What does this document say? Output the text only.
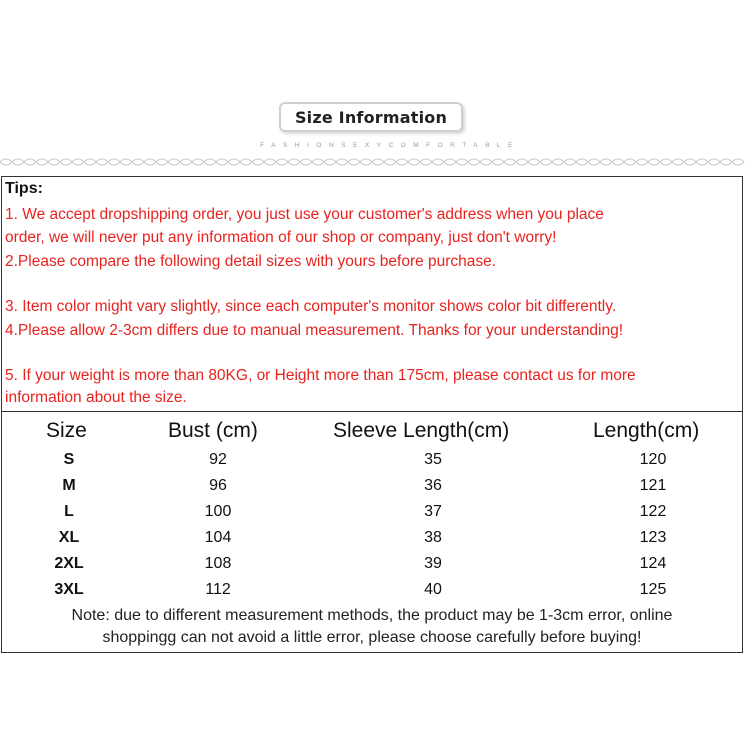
Size Information
FASHIONSEXYCOMFORTABLE
Tips:
1. We accept dropshipping order, you just use your customer's address when you place
order, we will never put any information of our shop or company, just don't worry!
2.Please compare the following detail sizes with yours before purchase.
3. Item color might vary slightly, since each computer's monitor shows color bit differently.
4.Please allow 2-3cm differs due to manual measurement. Thanks for your understanding!
5. If your weight is more than 80KG, or Height more than 175cm, please contact us for more
information about the size.
Size	Bust (cm)	Sleeve Length(cm)	Length(cm)
S	92	35	120
M	96	36	121
L	100	37	122
XL	104	38	123
2XL	108	39	124
3XL	112	40	125
Note: due to different measurement methods, the product may be 1-3cm error, online
shoppingg can not avoid a little error, please choose carefully before buying!
